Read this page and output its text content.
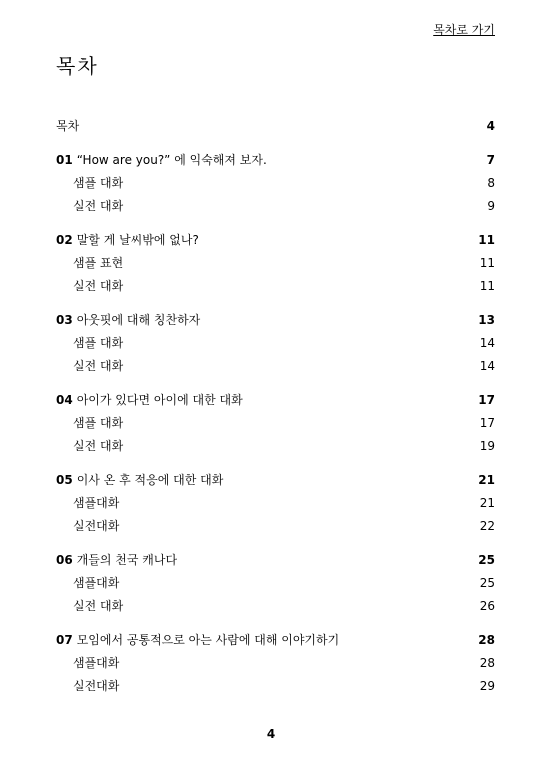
목차로 가기
목차
목차	4
01 “How are you?” 에 익숙해져 보자.	7
샘플 대화	8
실전 대화	9
02 말할 게 날씨밖에 없나?	11
샘플 표현	11
실전 대화	11
03 아웃핏에 대해 칭찬하자	13
샘플 대화	14
실전 대화	14
04 아이가 있다면 아이에 대한 대화	17
샘플 대화	17
실전 대화	19
05 이사 온 후 적응에 대한 대화	21
샘플대화	21
실전대화	22
06 개들의 천국 캐나다	25
샘플대화	25
실전 대화	26
07 모임에서 공통적으로 아는 사람에 대해 이야기하기	28
샘플대화	28
실전대화	29
4
